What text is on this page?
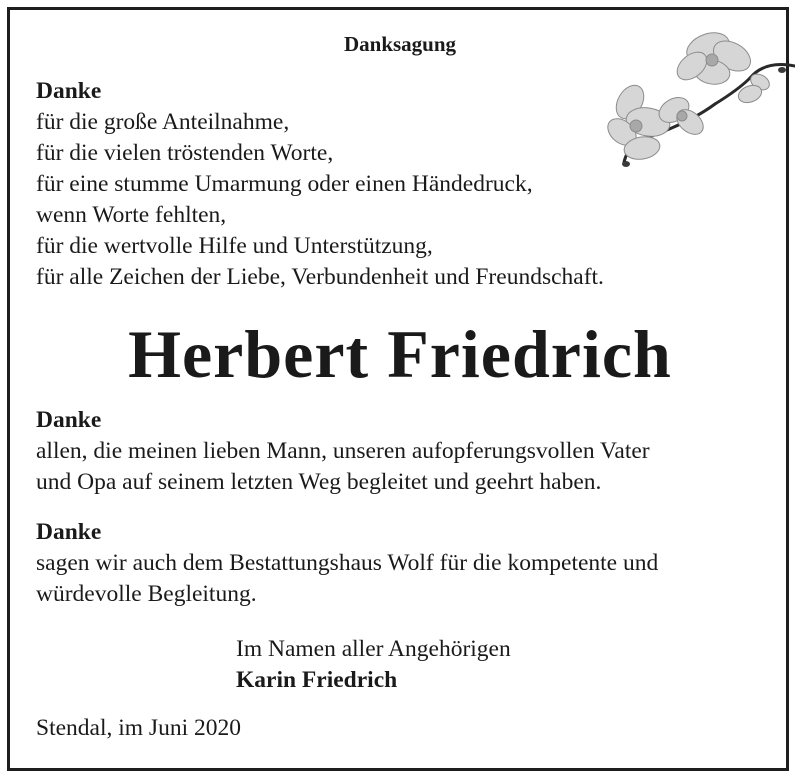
Danksagung
Danke
für die große Anteilnahme,
für die vielen tröstenden Worte,
für eine stumme Umarmung oder einen Händedruck,
wenn Worte fehlten,
für die wertvolle Hilfe und Unterstützung,
für alle Zeichen der Liebe, Verbundenheit und Freundschaft.
Herbert Friedrich
Danke
allen, die meinen lieben Mann, unseren aufopferungsvollen Vater
und Opa auf seinem letzten Weg begleitet und geehrt haben.
Danke
sagen wir auch dem Bestattungshaus Wolf für die kompetente und
würdevolle Begleitung.
Im Namen aller Angehörigen
Karin Friedrich
Stendal, im Juni 2020
